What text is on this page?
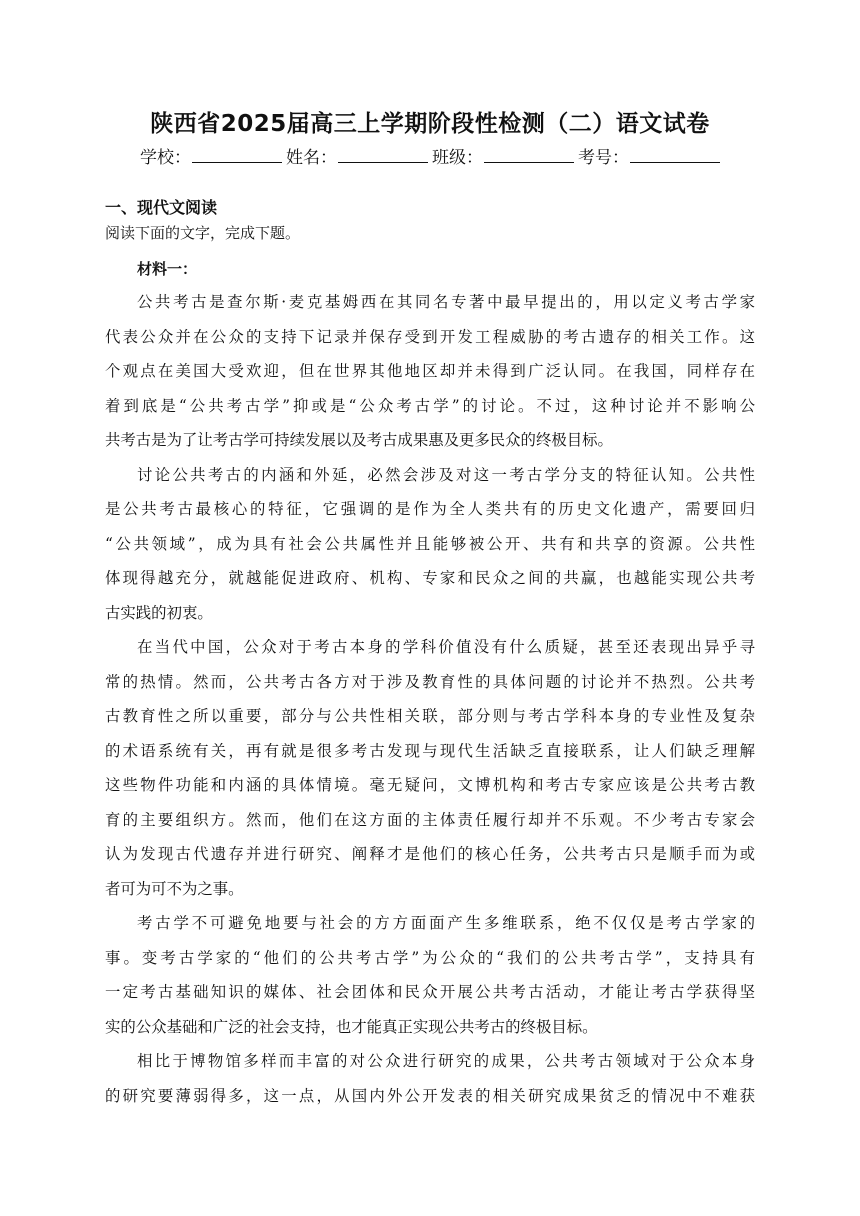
陕西省2025届高三上学期阶段性检测（二）语文试卷
学校：	姓名：	班级：	考号：
一、现代文阅读
阅读下面的文字，完成下题。
材料一：
公共考古是查尔斯·麦克基姆西在其同名专著中最早提出的，用以定义考古学家
代表公众并在公众的支持下记录并保存受到开发工程威胁的考古遗存的相关工作。这
个观点在美国大受欢迎，但在世界其他地区却并未得到广泛认同。在我国，同样存在
着到底是“公共考古学”抑或是“公众考古学”的讨论。不过，这种讨论并不影响公
共考古是为了让考古学可持续发展以及考古成果惠及更多民众的终极目标。
讨论公共考古的内涵和外延，必然会涉及对这一考古学分支的特征认知。公共性
是公共考古最核心的特征，它强调的是作为全人类共有的历史文化遗产，需要回归
“公共领域”，成为具有社会公共属性并且能够被公开、共有和共享的资源。公共性
体现得越充分，就越能促进政府、机构、专家和民众之间的共赢，也越能实现公共考
古实践的初衷。
在当代中国，公众对于考古本身的学科价值没有什么质疑，甚至还表现出异乎寻
常的热情。然而，公共考古各方对于涉及教育性的具体问题的讨论并不热烈。公共考
古教育性之所以重要，部分与公共性相关联，部分则与考古学科本身的专业性及复杂
的术语系统有关，再有就是很多考古发现与现代生活缺乏直接联系，让人们缺乏理解
这些物件功能和内涵的具体情境。毫无疑问，文博机构和考古专家应该是公共考古教
育的主要组织方。然而，他们在这方面的主体责任履行却并不乐观。不少考古专家会
认为发现古代遗存并进行研究、阐释才是他们的核心任务，公共考古只是顺手而为或
者可为可不为之事。
考古学不可避免地要与社会的方方面面产生多维联系，绝不仅仅是考古学家的
事。变考古学家的“他们的公共考古学”为公众的“我们的公共考古学”，支持具有
一定考古基础知识的媒体、社会团体和民众开展公共考古活动，才能让考古学获得坚
实的公众基础和广泛的社会支持，也才能真正实现公共考古的终极目标。
相比于博物馆多样而丰富的对公众进行研究的成果，公共考古领域对于公众本身
的研究要薄弱得多，这一点，从国内外公开发表的相关研究成果贫乏的情况中不难获
